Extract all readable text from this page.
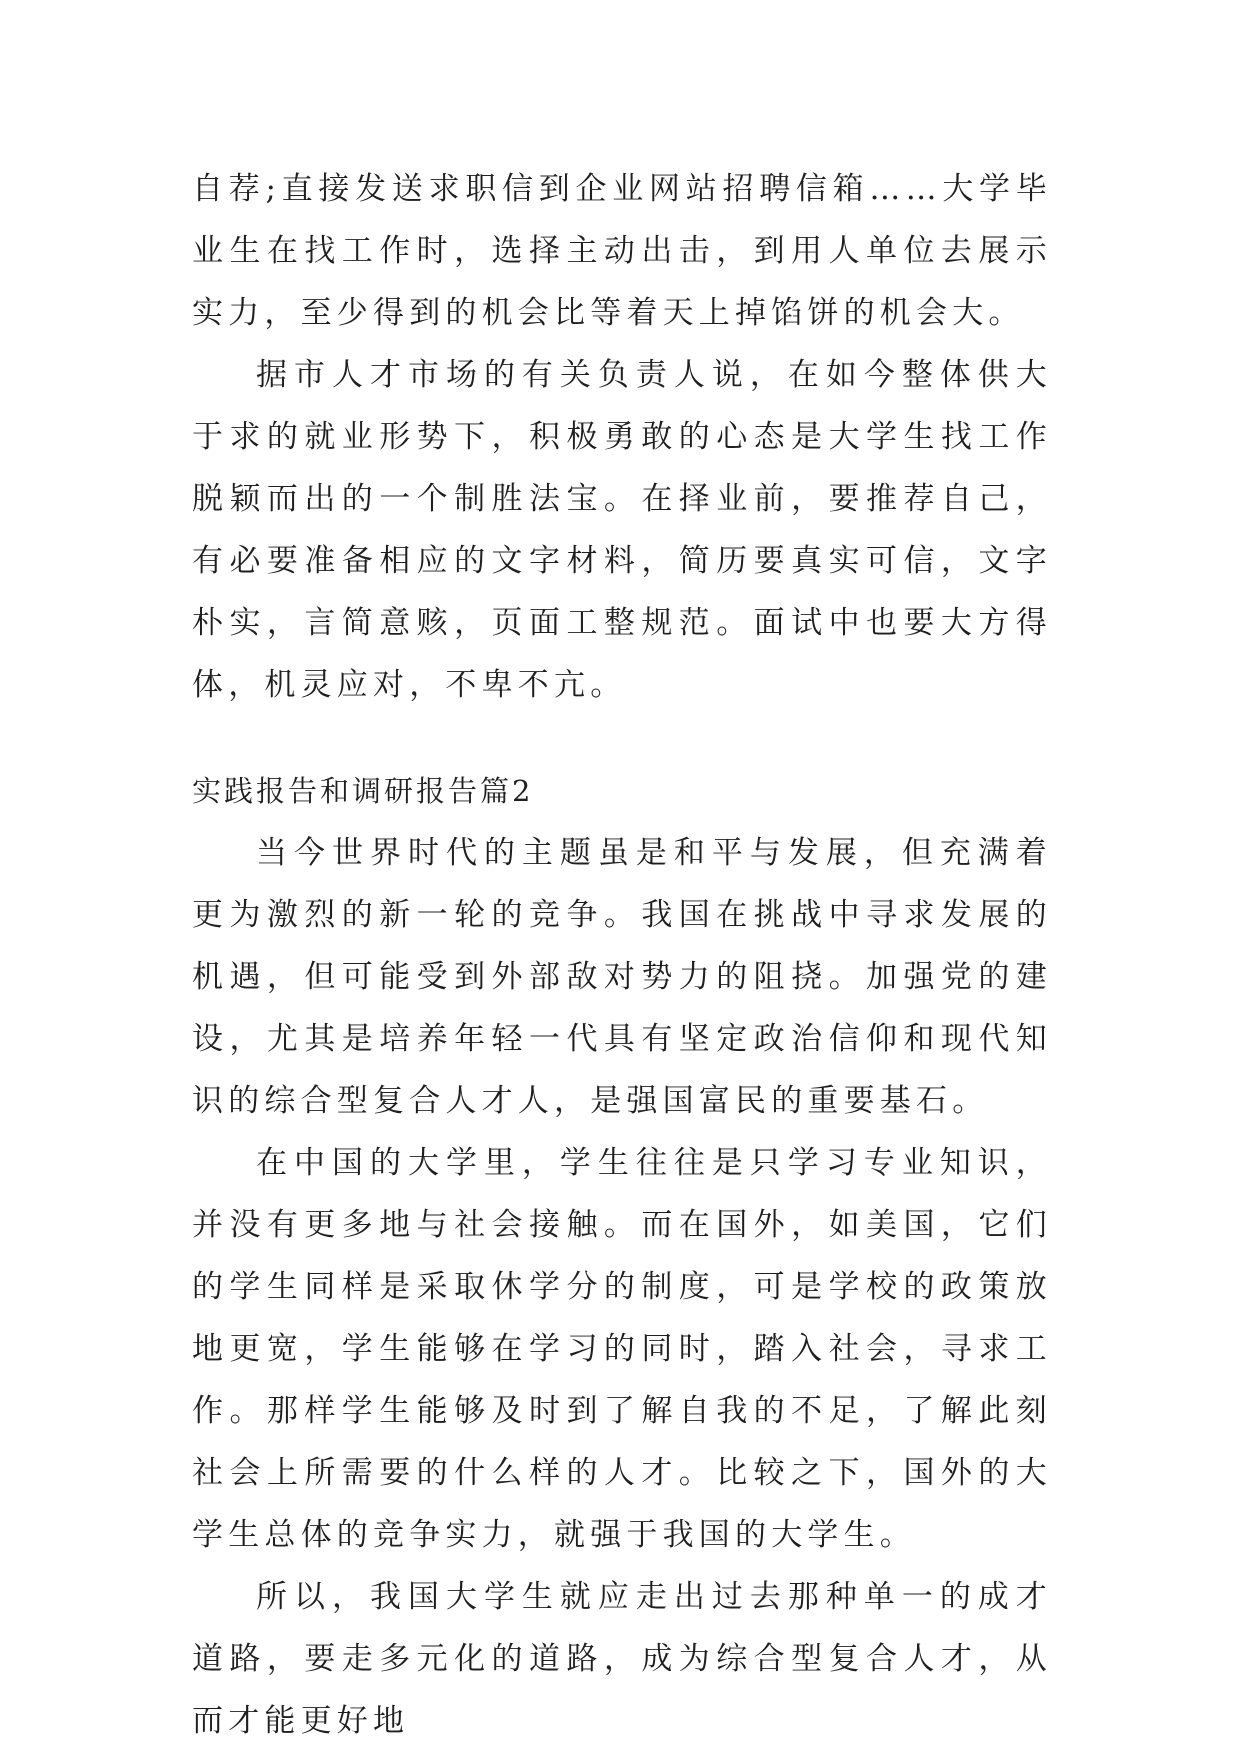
自荐;直接发送求职信到企业网站招聘信箱……大学毕业生在找工作时，选择主动出击，到用人单位去展示实力，至少得到的机会比等着天上掉馅饼的机会大。

据市人才市场的有关负责人说，在如今整体供大于求的就业形势下，积极勇敢的心态是大学生找工作脱颖而出的一个制胜法宝。在择业前，要推荐自己，有必要准备相应的文字材料，简历要真实可信，文字朴实，言简意赅，页面工整规范。面试中也要大方得体，机灵应对，不卑不亢。

实践报告和调研报告篇2

当今世界时代的主题虽是和平与发展，但充满着更为激烈的新一轮的竞争。我国在挑战中寻求发展的机遇，但可能受到外部敌对势力的阻挠。加强党的建设，尤其是培养年轻一代具有坚定政治信仰和现代知识的综合型复合人才人，是强国富民的重要基石。

在中国的大学里，学生往往是只学习专业知识，并没有更多地与社会接触。而在国外，如美国，它们的学生同样是采取休学分的制度，可是学校的政策放地更宽，学生能够在学习的同时，踏入社会，寻求工作。那样学生能够及时到了解自我的不足，了解此刻社会上所需要的什么样的人才。比较之下，国外的大学生总体的竞争实力，就强于我国的大学生。

所以，我国大学生就应走出过去那种单一的成才道路，要走多元化的道路，成为综合型复合人才，从而才能更好地
